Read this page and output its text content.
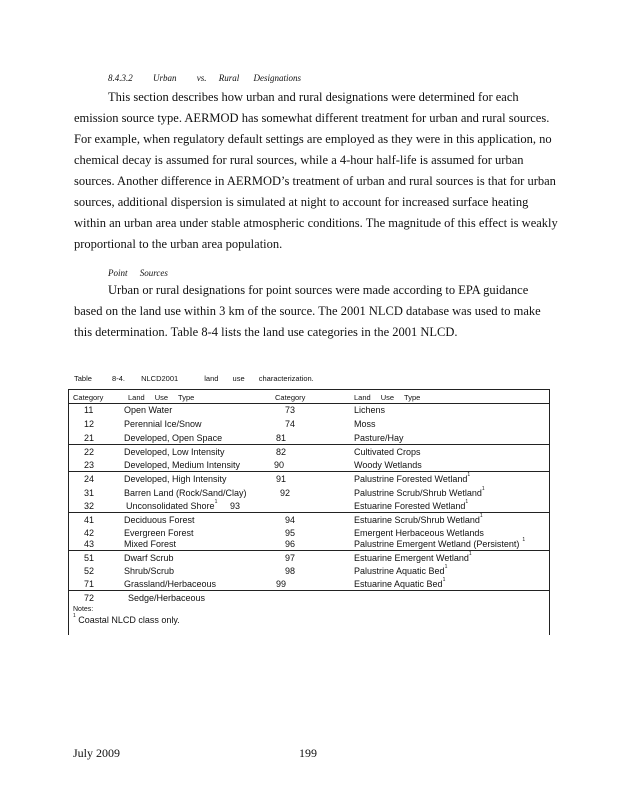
8.4.3.2 Urban vs. Rural Designations
This section describes how urban and rural designations were determined for each
emission source type. AERMOD has somewhat different treatment for urban and rural sources.
For example, when regulatory default settings are employed as they were in this application, no
chemical decay is assumed for rural sources, while a 4-hour half-life is assumed for urban
sources. Another difference in AERMOD’s treatment of urban and rural sources is that for urban
sources, additional dispersion is simulated at night to account for increased surface heating
within an urban area under stable atmospheric conditions. The magnitude of this effect is weakly
proportional to the urban area population.
Point Sources
Urban or rural designations for point sources were made according to EPA guidance
based on the land use within 3 km of the source. The 2001 NLCD database was used to make
this determination. Table 8-4 lists the land use categories in the 2001 NLCD.
Table	8-4. NLCD2001	land use characterization.
Category	Land Use Type	Category	Land Use Type
11	Open Water	73	Lichens
12	Perennial Ice/Snow	74	Moss
21	Developed, Open Space	81	Pasture/Hay
22	Developed, Low Intensity	82	Cultivated Crops
23	Developed, Medium Intensity	90	Woody Wetlands
24	Developed, High Intensity	91	Palustrine Forested Wetland$^1$
31	Barren Land (Rock/Sand/Clay)	92	Palustrine Scrub/Shrub Wetland$^1$
32	Unconsolidated Shore$^1$ 93	Estuarine Forested Wetland$^1$
41	Deciduous Forest	94	Estuarine Scrub/Shrub Wetland$^1$
42	Evergreen Forest	95	Emergent Herbaceous Wetlands
43	Mixed Forest	96	Palustrine Emergent Wetland (Persistent) $^1$
51	Dwarf Scrub	97	Estuarine Emergent Wetland$^1$
52	Shrub/Scrub	98	Palustrine Aquatic Bed$^1$
71	Grassland/Herbaceous	99	Estuarine Aquatic Bed$^1$
72	Sedge/Herbaceous
Notes:
$^1$ Coastal NLCD class only.
July 2009	199
